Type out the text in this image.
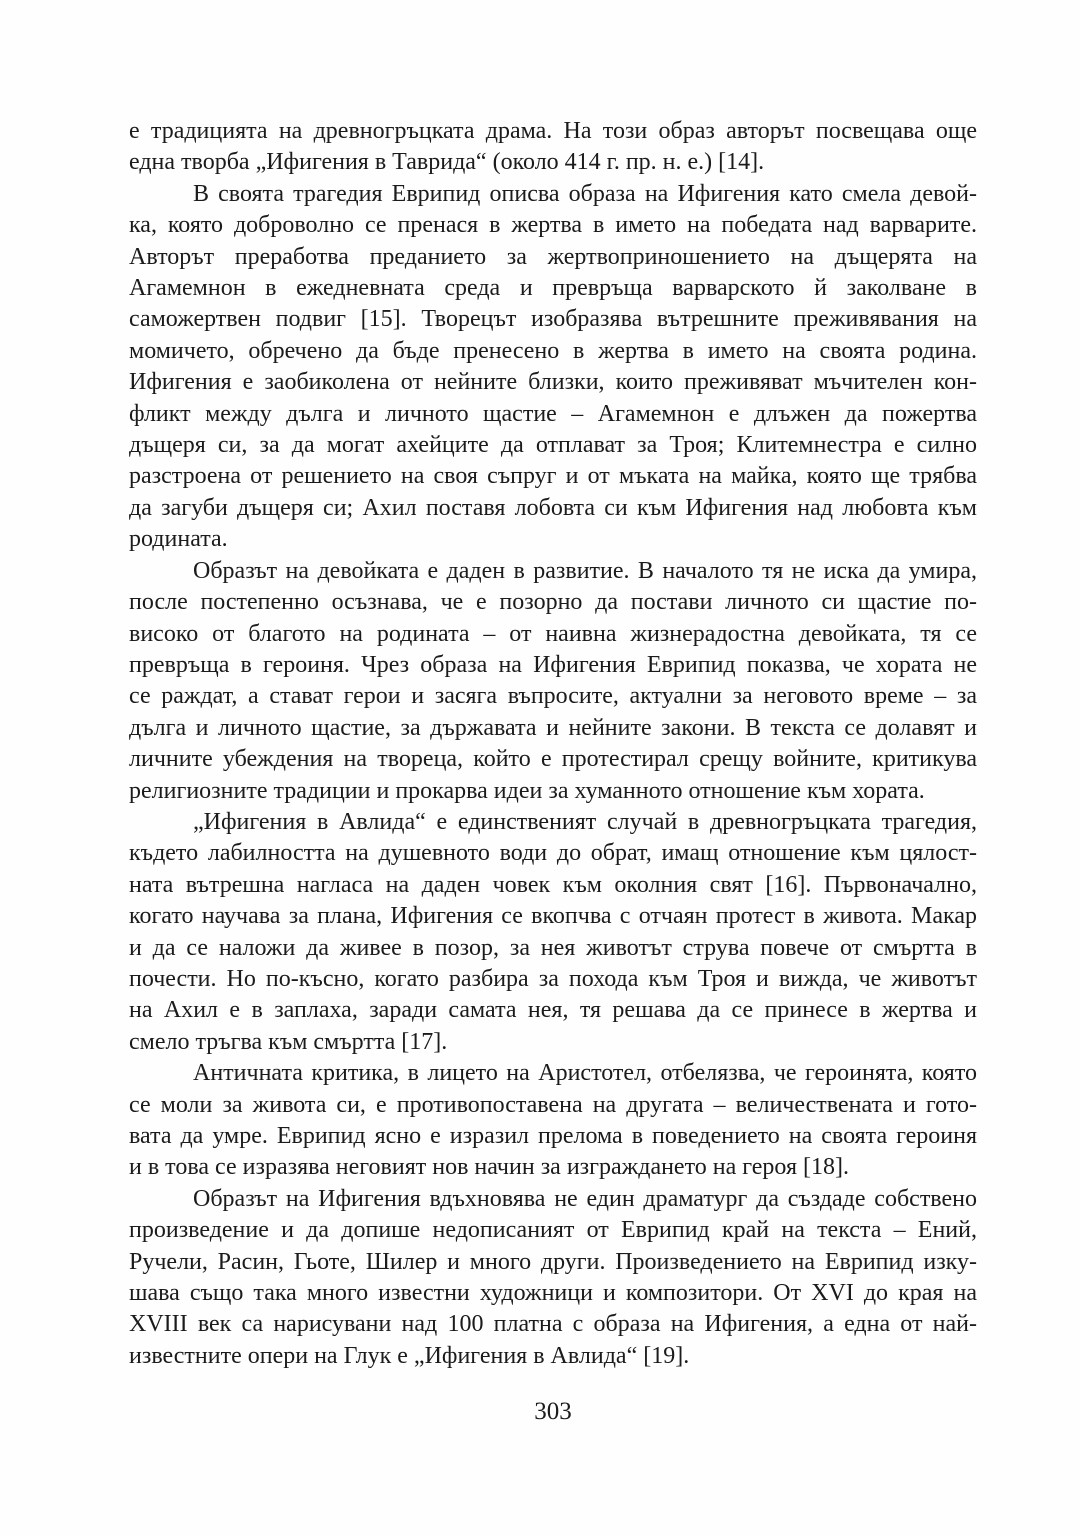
е традицията на древногръцката драма. На този образ авторът посвещава още
една творба „Ифигения в Таврида“ (около 414 г. пр. н. е.) [14].
В своята трагедия Еврипид описва образа на Ифигения като смела девой-
ка, която доброволно се пренася в жертва в името на победата над варварите.
Авторът преработва преданието за жертвоприношението на дъщерята на
Агамемнон в ежедневната среда и превръща варварското й заколване в
саможертвен подвиг [15]. Творецът изобразява вътрешните преживявания на
момичето, обречено да бъде пренесено в жертва в името на своята родина.
Ифигения е заобиколена от нейните близки, които преживяват мъчителен кон-
фликт между дълга и личното щастие – Агамемнон е длъжен да пожертва
дъщеря си, за да могат ахейците да отплават за Троя; Клитемнестра е силно
разстроена от решението на своя съпруг и от мъката на майка, която ще трябва
да загуби дъщеря си; Ахил поставя лобовта си към Ифигения над любовта към
родината.
Образът на девойката е даден в развитие. В началото тя не иска да умира,
после постепенно осъзнава, че е позорно да постави личното си щастие по-
високо от благото на родината – от наивна жизнерадостна девойката, тя се
превръща в героиня. Чрез образа на Ифигения Еврипид показва, че хората не
се раждат, а стават герои и засяга въпросите, актуални за неговото време – за
дълга и личното щастие, за държавата и нейните закони. В текста се долавят и
личните убеждения на твореца, който е протестирал срещу войните, критикува
религиозните традиции и прокарва идеи за хуманното отношение към хората.
„Ифигения в Авлида“ е единственият случай в древногръцката трагедия,
където лабилността на душевното води до обрат, имащ отношение към цялост-
ната вътрешна нагласа на даден човек към околния свят [16]. Първоначално,
когато научава за плана, Ифигения се вкопчва с отчаян протест в живота. Макар
и да се наложи да живее в позор, за нея животът струва повече от смъртта в
почести. Но по-късно, когато разбира за похода към Троя и вижда, че животът
на Ахил е в заплаха, заради самата нея, тя решава да се принесе в жертва и
смело тръгва към смъртта [17].
Античната критика, в лицето на Аристотел, отбелязва, че героинята, която
се моли за живота си, е противопоставена на другата – величествената и гото-
вата да умре. Еврипид ясно е изразил прелома в поведението на своята героиня
и в това се изразява неговият нов начин за изграждането на героя [18].
Образът на Ифигения вдъхновява не един драматург да създаде собствено
произведение и да допише недописаният от Еврипид край на текста – Ений,
Ручели, Расин, Гьоте, Шилер и много други. Произведението на Еврипид изку-
шава също така много известни художници и композитори. От XVI до края на
XVIII век са нарисувани над 100 платна с образа на Ифигения, а една от най-
известните опери на Глук е „Ифигения в Авлида“ [19].
303
